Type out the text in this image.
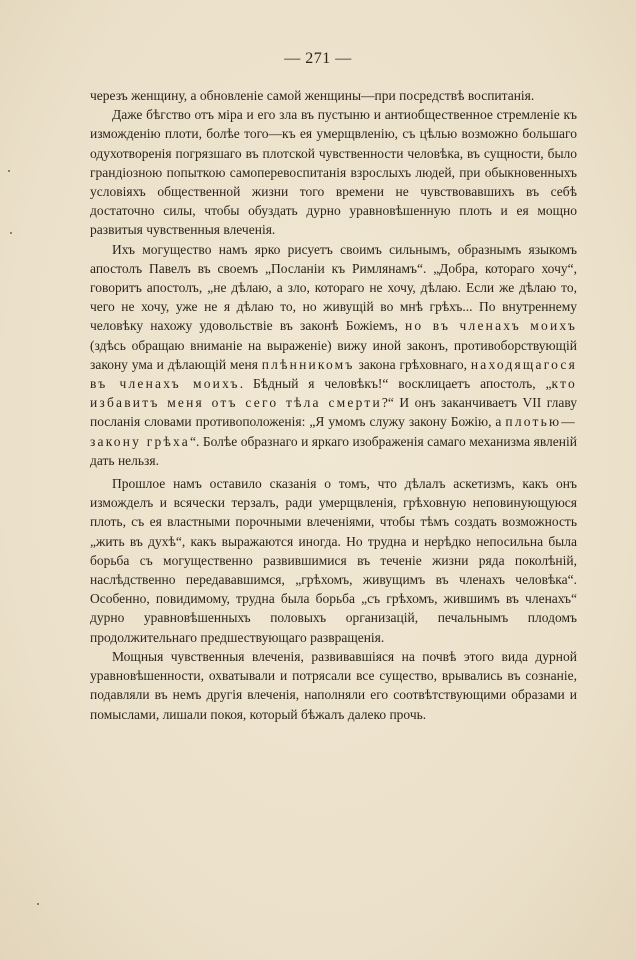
— 271 —

черезъ женщину, а обновленіе самой женщины—при посредствѣ воспитанія.

Даже бѣгство отъ міра и его зла въ пустыню и антиобщественное стремленіе къ изможденію плоти, болѣе того—къ ея умерщвленію, съ цѣлью возможно большаго одухотворенія погрязшаго въ плотской чувственности человѣка, въ сущности, было грандіозною попыткою самоперевоспитанія взрослыхъ людей, при обыкновенныхъ условіяхъ общественной жизни того времени не чувствовавшихъ въ себѣ достаточно силы, чтобы обуздать дурно уравновѣшенную плоть и ея мощно развитыя чувственныя влеченія.

Ихъ могущество намъ ярко рисуетъ своимъ сильнымъ, образнымъ языкомъ апостолъ Павелъ въ своемъ „Посланіи къ Римлянамъ“. „Добра, котораго хочу“, говоритъ апостолъ, „не дѣлаю, а зло, котораго не хочу, дѣлаю. Если же дѣлаю то, чего не хочу, уже не я дѣлаю то, но живущій во мнѣ грѣхъ... По внутреннему человѣку нахожу удовольствіе въ законѣ Божіемъ, но въ членахъ моихъ (здѣсь обращаю вниманіе на выраженіе) вижу иной законъ, противоборствующій закону ума и дѣлающій меня плѣнникомъ закона грѣховнаго, находящагося въ членахъ моихъ. Бѣдный я человѣкъ!“ восклицаетъ апостолъ, „кто избавитъ меня отъ сего тѣла смерти?“ И онъ заканчиваетъ VII главу посланія словами противоположенія: „Я умомъ служу закону Божію, а плотью—закону грѣха“. Болѣе образнаго и яркаго изображенія самаго механизма явленій дать нельзя.

Прошлое намъ оставило сказанія о томъ, что дѣлалъ аскетизмъ, какъ онъ изможделъ и всячески терзалъ, ради умерщвленія, грѣховную неповинующуюся плоть, съ ея властными порочными влеченіями, чтобы тѣмъ создать возможность „жить въ духѣ“, какъ выражаются иногда. Но трудна и нерѣдко непосильна была борьба съ могущественно развившимися въ теченіе жизни ряда поколѣній, наслѣдственно передававшимся, „грѣхомъ, живущимъ въ членахъ человѣка“. Особенно, повидимому, трудна была борьба „съ грѣхомъ, жившимъ въ членахъ“ дурно уравновѣшенныхъ половыхъ организацій, печальнымъ плодомъ продолжительнаго предшествующаго развращенія.

Мощныя чувственныя влеченія, развивавшіяся на почвѣ этого вида дурной уравновѣшенности, охватывали и потрясали все существо, врывались въ сознаніе, подавляли въ немъ другія влеченія, наполняли его соотвѣтствующими образами и помыслами, лишали покоя, который бѣжалъ далеко прочь.
